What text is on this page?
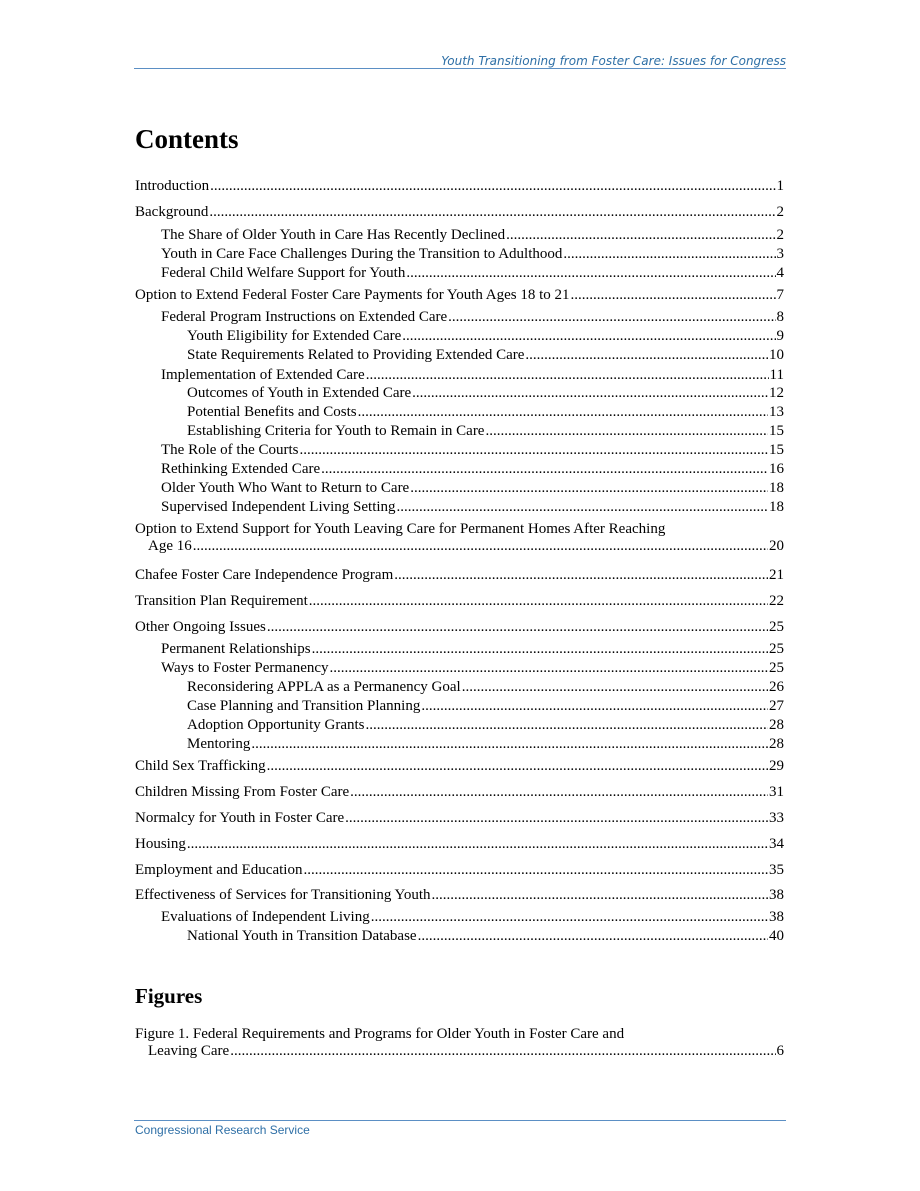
Youth Transitioning from Foster Care: Issues for Congress
Contents
Introduction .....	1
Background .....	2
The Share of Older Youth in Care Has Recently Declined .....	2
Youth in Care Face Challenges During the Transition to Adulthood .....	3
Federal Child Welfare Support for Youth .....	4
Option to Extend Federal Foster Care Payments for Youth Ages 18 to 21 .....	7
Federal Program Instructions on Extended Care .....	8
Youth Eligibility for Extended Care .....	9
State Requirements Related to Providing Extended Care .....	10
Implementation of Extended Care .....	11
Outcomes of Youth in Extended Care .....	12
Potential Benefits and Costs .....	13
Establishing Criteria for Youth to Remain in Care .....	15
The Role of the Courts .....	15
Rethinking Extended Care .....	16
Older Youth Who Want to Return to Care .....	18
Supervised Independent Living Setting .....	18
Option to Extend Support for Youth Leaving Care for Permanent Homes After Reaching
Age 16 .....	20
Chafee Foster Care Independence Program .....	21
Transition Plan Requirement .....	22
Other Ongoing Issues .....	25
Permanent Relationships .....	25
Ways to Foster Permanency .....	25
Reconsidering APPLA as a Permanency Goal .....	26
Case Planning and Transition Planning .....	27
Adoption Opportunity Grants .....	28
Mentoring .....	28
Child Sex Trafficking .....	29
Children Missing From Foster Care .....	31
Normalcy for Youth in Foster Care .....	33
Housing .....	34
Employment and Education .....	35
Effectiveness of Services for Transitioning Youth .....	38
Evaluations of Independent Living .....	38
National Youth in Transition Database .....	40
Figures
Figure 1. Federal Requirements and Programs for Older Youth in Foster Care and
Leaving Care .....	6
Congressional Research Service
